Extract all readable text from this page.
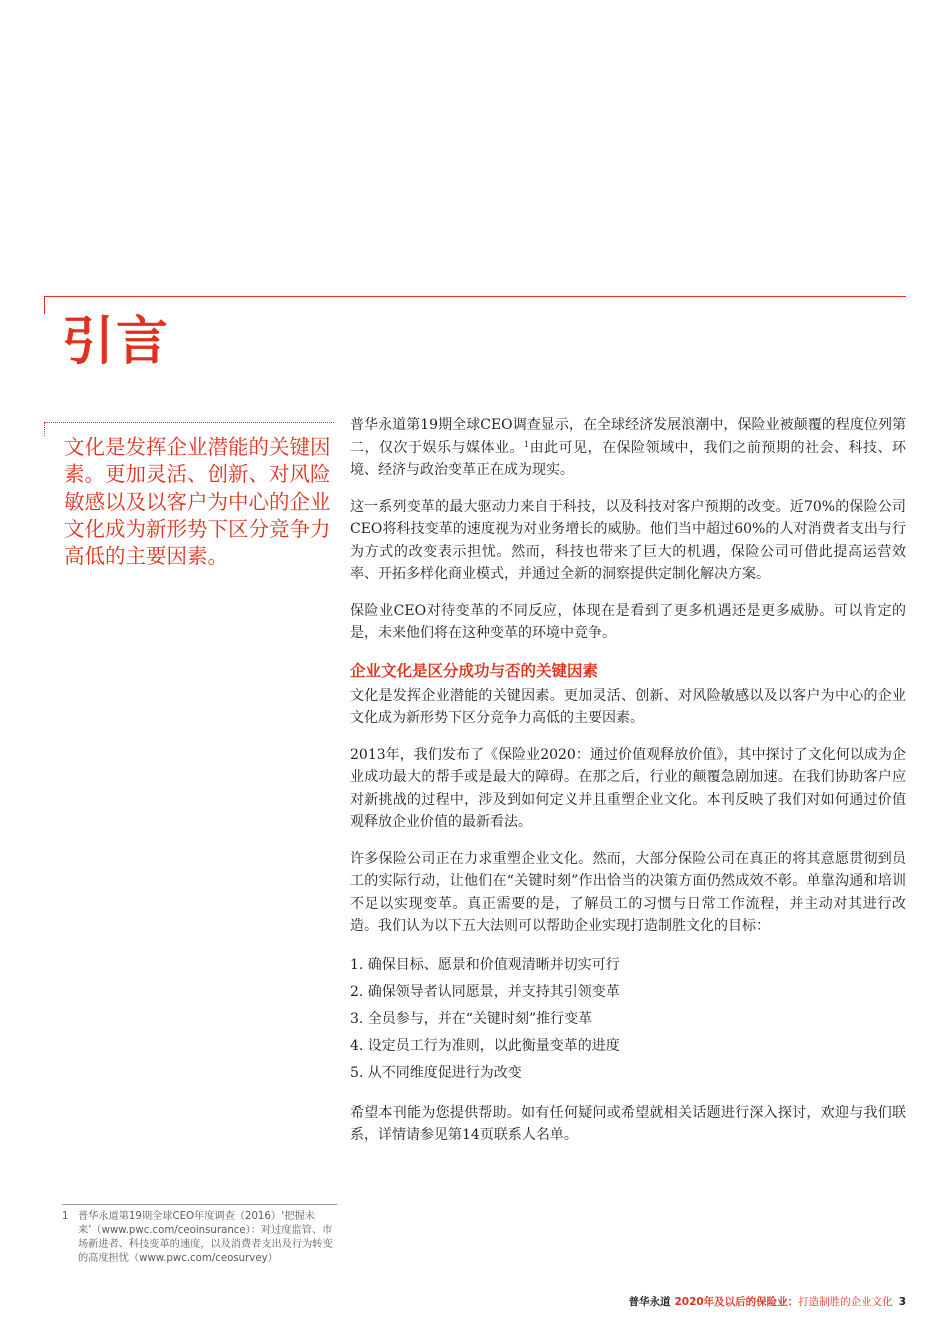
引言

文化是发挥企业潜能的关键因素。更加灵活、创新、对风险敏感以及以客户为中心的企业文化成为新形势下区分竞争力高低的主要因素。

普华永道第19期全球CEO调查显示，在全球经济发展浪潮中，保险业被颠覆的程度位列第二，仅次于娱乐与媒体业。$^1$由此可见，在保险领域中，我们之前预期的社会、科技、环境、经济与政治变革正在成为现实。

这一系列变革的最大驱动力来自于科技，以及科技对客户预期的改变。近70%的保险公司CEO将科技变革的速度视为对业务增长的威胁。他们当中超过60%的人对消费者支出与行为方式的改变表示担忧。然而，科技也带来了巨大的机遇，保险公司可借此提高运营效率、开拓多样化商业模式，并通过全新的洞察提供定制化解决方案。

保险业CEO对待变革的不同反应，体现在是看到了更多机遇还是更多威胁。可以肯定的是，未来他们将在这种变革的环境中竞争。

企业文化是区分成功与否的关键因素

文化是发挥企业潜能的关键因素。更加灵活、创新、对风险敏感以及以客户为中心的企业文化成为新形势下区分竞争力高低的主要因素。

2013年，我们发布了《保险业2020：通过价值观释放价值》，其中探讨了文化何以成为企业成功最大的帮手或是最大的障碍。在那之后，行业的颠覆急剧加速。在我们协助客户应对新挑战的过程中，涉及到如何定义并且重塑企业文化。本刊反映了我们对如何通过价值观释放企业价值的最新看法。

许多保险公司正在力求重塑企业文化。然而，大部分保险公司在真正的将其意愿贯彻到员工的实际行动，让他们在“关键时刻”作出恰当的决策方面仍然成效不彰。单靠沟通和培训不足以实现变革。真正需要的是，了解员工的习惯与日常工作流程，并主动对其进行改造。我们认为以下五大法则可以帮助企业实现打造制胜文化的目标：

1. 确保目标、愿景和价值观清晰并切实可行
2. 确保领导者认同愿景，并支持其引领变革
3. 全员参与，并在“关键时刻”推行变革
4. 设定员工行为准则，以此衡量变革的进度
5. 从不同维度促进行为改变

希望本刊能为您提供帮助。如有任何疑问或希望就相关话题进行深入探讨，欢迎与我们联系，详情请参见第14页联系人名单。

1 普华永道第19期全球CEO年度调查（2016）‘把握未来’（www.pwc.com/ceoinsurance）：对过度监管、市场新进者、科技变革的速度，以及消费者支出及行为转变的高度担忧（www.pwc.com/ceosurvey）
普华永道 2020年及以后的保险业：打造制胜的企业文化 3
